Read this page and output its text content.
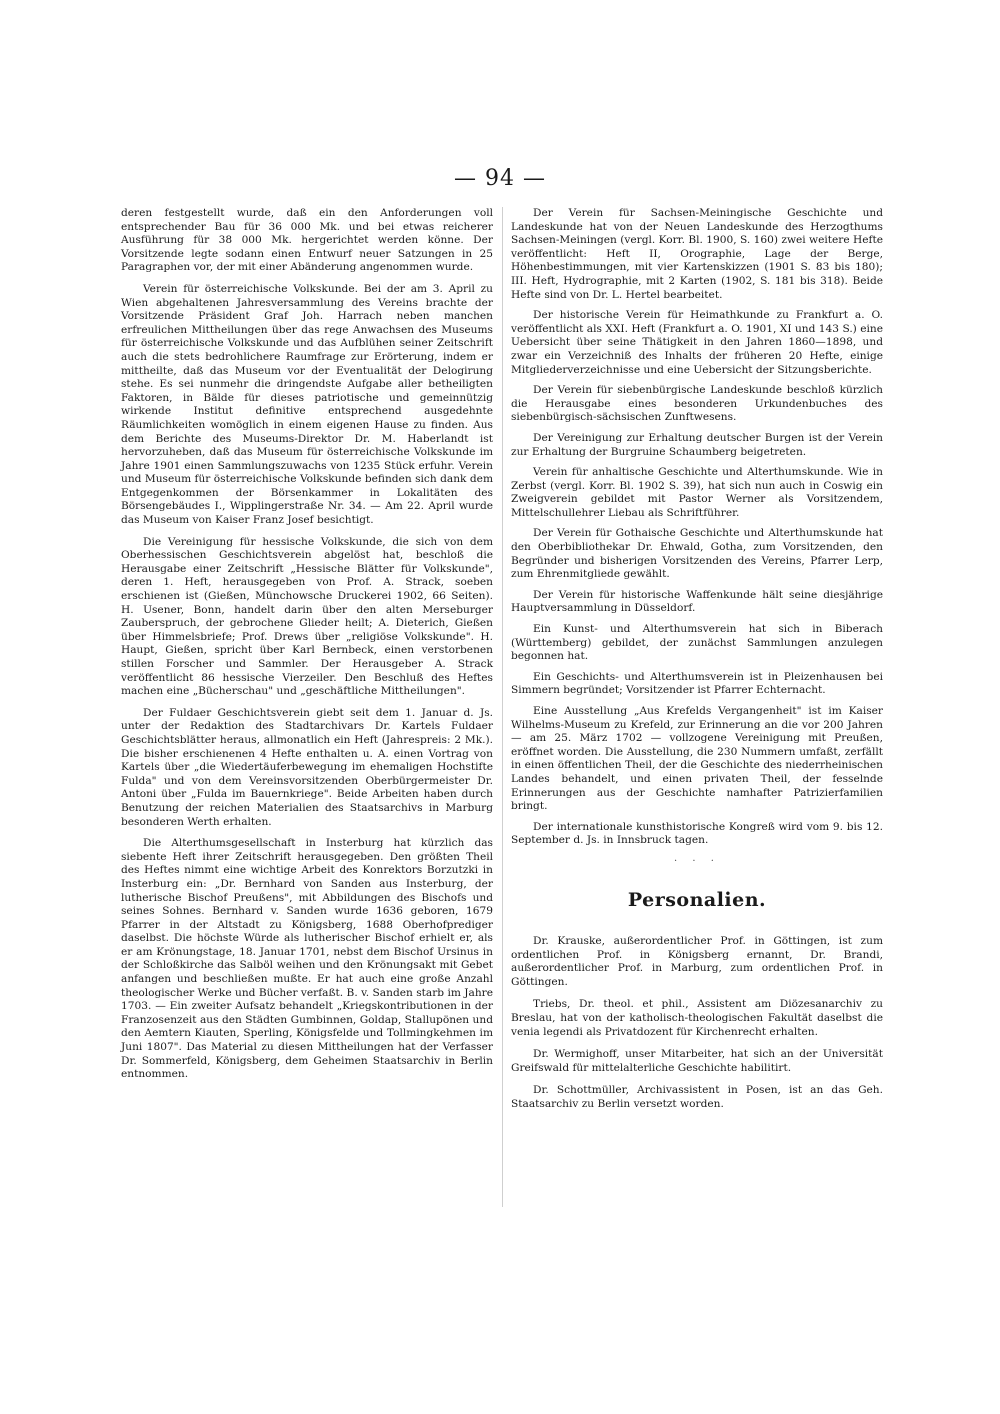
— 94 —

deren festgestellt wurde, daß ein den Anforderungen voll entsprechender Bau für 36 000 Mk. und bei etwas reicherer Ausführung für 38 000 Mk. hergerichtet werden könne. Der Vorsitzende legte sodann einen Entwurf neuer Satzungen in 25 Paragraphen vor, der mit einer Abänderung angenommen wurde.

Verein für österreichische Volkskunde. Bei der am 3. April zu Wien abgehaltenen Jahresversammlung des Vereins brachte der Vorsitzende Präsident Graf Joh. Harrach neben manchen erfreulichen Mittheilungen über das rege Anwachsen des Museums für österreichische Volkskunde und das Aufblühen seiner Zeitschrift auch die stets bedrohlichere Raumfrage zur Erörterung, indem er mittheilte, daß das Museum vor der Eventualität der Delogirung stehe. Es sei nunmehr die dringendste Aufgabe aller betheiligten Faktoren, in Bälde für dieses patriotische und gemeinnützig wirkende Institut definitive entsprechend ausgedehnte Räumlichkeiten womöglich in einem eigenen Hause zu finden. Aus dem Berichte des Museums-Direktor Dr. M. Haberlandt ist hervorzuheben, daß das Museum für österreichische Volkskunde im Jahre 1901 einen Sammlungszuwachs von 1235 Stück erfuhr. Verein und Museum für österreichische Volkskunde befinden sich dank dem Entgegenkommen der Börsenkammer in Lokalitäten des Börsengebäudes I., Wipplingerstraße Nr. 34. — Am 22. April wurde das Museum von Kaiser Franz Josef besichtigt.

Die Vereinigung für hessische Volkskunde, die sich von dem Oberhessischen Geschichtsverein abgelöst hat, beschloß die Herausgabe einer Zeitschrift „Hessische Blätter für Volkskunde", deren 1. Heft, herausgegeben von Prof. A. Strack, soeben erschienen ist (Gießen, Münchowsche Druckerei 1902, 66 Seiten). H. Usener, Bonn, handelt darin über den alten Merseburger Zauberspruch, der gebrochene Glieder heilt; A. Dieterich, Gießen über Himmelsbriefe; Prof. Drews über „religiöse Volkskunde". H. Haupt, Gießen, spricht über Karl Bernbeck, einen verstorbenen stillen Forscher und Sammler. Der Herausgeber A. Strack veröffentlicht 86 hessische Vierzeiler. Den Beschluß des Heftes machen eine „Bücherschau" und „geschäftliche Mittheilungen".

Der Fuldaer Geschichtsverein giebt seit dem 1. Januar d. Js. unter der Redaktion des Stadtarchivars Dr. Kartels Fuldaer Geschichtsblätter heraus, allmonatlich ein Heft (Jahrespreis: 2 Mk.). Die bisher erschienenen 4 Hefte enthalten u. A. einen Vortrag von Kartels über „die Wiedertäuferbewegung im ehemaligen Hochstifte Fulda" und von dem Vereinsvorsitzenden Oberbürgermeister Dr. Antoni über „Fulda im Bauernkriege". Beide Arbeiten haben durch Benutzung der reichen Materialien des Staatsarchivs in Marburg besonderen Werth erhalten.

Die Alterthumsgesellschaft in Insterburg hat kürzlich das siebente Heft ihrer Zeitschrift herausgegeben. Den größten Theil des Heftes nimmt eine wichtige Arbeit des Konrektors Borzutzki in Insterburg ein: „Dr. Bernhard von Sanden aus Insterburg, der lutherische Bischof Preußens", mit Abbildungen des Bischofs und seines Sohnes. Bernhard v. Sanden wurde 1636 geboren, 1679 Pfarrer in der Altstadt zu Königsberg, 1688 Oberhofprediger daselbst. Die höchste Würde als lutherischer Bischof erhielt er, als er am Krönungstage, 18. Januar 1701, nebst dem Bischof Ursinus in der Schloßkirche das Salböl weihen und den Krönungsakt mit Gebet anfangen und beschließen mußte. Er hat auch eine große Anzahl theologischer Werke und Bücher verfaßt. B. v. Sanden starb im Jahre 1703. — Ein zweiter Aufsatz behandelt „Kriegskontributionen in der Franzosenzeit aus den Städten Gumbinnen, Goldap, Stallupönen und den Aemtern Kiauten, Sperling, Königsfelde und Tollmingkehmen im Juni 1807". Das Material zu diesen Mittheilungen hat der Verfasser Dr. Sommerfeld, Königsberg, dem Geheimen Staatsarchiv in Berlin entnommen.

Der Verein für Sachsen-Meiningische Geschichte und Landeskunde hat von der Neuen Landeskunde des Herzogthums Sachsen-Meiningen (vergl. Korr. Bl. 1900, S. 160) zwei weitere Hefte veröffentlicht: Heft II, Orographie, Lage der Berge, Höhenbestimmungen, mit vier Kartenskizzen (1901 S. 83 bis 180); III. Heft, Hydrographie, mit 2 Karten (1902, S. 181 bis 318). Beide Hefte sind von Dr. L. Hertel bearbeitet.

Der historische Verein für Heimathkunde zu Frankfurt a. O. veröffentlicht als XXI. Heft (Frankfurt a. O. 1901, XI und 143 S.) eine Uebersicht über seine Thätigkeit in den Jahren 1860—1898, und zwar ein Verzeichniß des Inhalts der früheren 20 Hefte, einige Mitgliederverzeichnisse und eine Uebersicht der Sitzungsberichte.

Der Verein für siebenbürgische Landeskunde beschloß kürzlich die Herausgabe eines besonderen Urkundenbuches des siebenbürgisch-sächsischen Zunftwesens.

Der Vereinigung zur Erhaltung deutscher Burgen ist der Verein zur Erhaltung der Burgruine Schaumberg beigetreten.

Verein für anhaltische Geschichte und Alterthumskunde. Wie in Zerbst (vergl. Korr. Bl. 1902 S. 39), hat sich nun auch in Coswig ein Zweigverein gebildet mit Pastor Werner als Vorsitzendem, Mittelschullehrer Liebau als Schriftführer.

Der Verein für Gothaische Geschichte und Alterthumskunde hat den Oberbibliothekar Dr. Ehwald, Gotha, zum Vorsitzenden, den Begründer und bisherigen Vorsitzenden des Vereins, Pfarrer Lerp, zum Ehrenmitgliede gewählt.

Der Verein für historische Waffenkunde hält seine diesjährige Hauptversammlung in Düsseldorf.

Ein Kunst- und Alterthumsverein hat sich in Biberach (Württemberg) gebildet, der zunächst Sammlungen anzulegen begonnen hat.

Ein Geschichts- und Alterthumsverein ist in Pleizenhausen bei Simmern begründet; Vorsitzender ist Pfarrer Echternacht.

Eine Ausstellung „Aus Krefelds Vergangenheit" ist im Kaiser Wilhelms-Museum zu Krefeld, zur Erinnerung an die vor 200 Jahren — am 25. März 1702 — vollzogene Vereinigung mit Preußen, eröffnet worden. Die Ausstellung, die 230 Nummern umfaßt, zerfällt in einen öffentlichen Theil, der die Geschichte des niederrheinischen Landes behandelt, und einen privaten Theil, der fesselnde Erinnerungen aus der Geschichte namhafter Patrizierfamilien bringt.

Der internationale kunsthistorische Kongreß wird vom 9. bis 12. September d. Js. in Innsbruck tagen.

· · ·
Personalien.

Dr. Krauske, außerordentlicher Prof. in Göttingen, ist zum ordentlichen Prof. in Königsberg ernannt, Dr. Brandi, außerordentlicher Prof. in Marburg, zum ordentlichen Prof. in Göttingen.

Triebs, Dr. theol. et phil., Assistent am Diözesanarchiv zu Breslau, hat von der katholisch-theologischen Fakultät daselbst die venia legendi als Privatdozent für Kirchenrecht erhalten.

Dr. Wermighoff, unser Mitarbeiter, hat sich an der Universität Greifswald für mittelalterliche Geschichte habilitirt.

Dr. Schottmüller, Archivassistent in Posen, ist an das Geh. Staatsarchiv zu Berlin versetzt worden.
